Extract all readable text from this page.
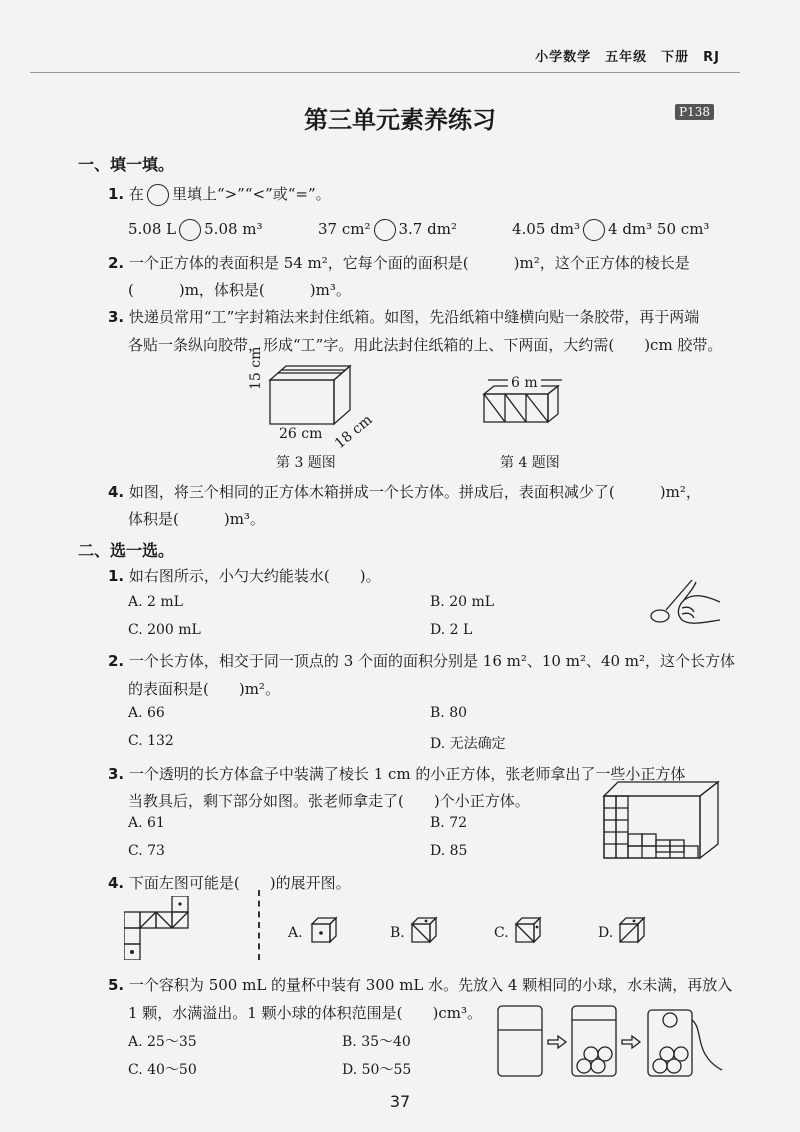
小学数学　五年级　下册　RJ
第三单元素养练习	P138
一、填一填。
1. 在 里填上“>”“<”或“=”。
5.08 L 5.08 m³	37 cm² 3.7 dm²	4.05 dm³ 4 dm³ 50 cm³
2. 一个正方体的表面积是 54 m²，它每个面的面积是(　　　)m²，这个正方体的棱长是
(　　　)m，体积是(　　　)m³。
3. 快递员常用“工”字封箱法来封住纸箱。如图，先沿纸箱中缝横向贴一条胶带，再于两端
各贴一条纵向胶带，形成“工”字。用此法封住纸箱的上、下两面，大约需(　　)cm 胶带。
15 cm
26 cm 18 cm
第 3 题图
6 m
第 4 题图
4. 如图，将三个相同的正方体木箱拼成一个长方体。拼成后，表面积减少了(　　　)m²，
体积是(　　　)m³。
二、选一选。
1. 如右图所示，小勺大约能装水(　　)。
A. 2 mL	B. 20 mL
C. 200 mL	D. 2 L
2. 一个长方体，相交于同一顶点的 3 个面的面积分别是 16 m²、10 m²、40 m²，这个长方体
的表面积是(　　)m²。
A. 66	B. 80
C. 132	D. 无法确定
3. 一个透明的长方体盒子中装满了棱长 1 cm 的小正方体，张老师拿出了一些小正方体
当教具后，剩下部分如图。张老师拿走了(　　)个小正方体。
A. 61	B. 72
C. 73	D. 85
4. 下面左图可能是(　　)的展开图。
A.	B.	C.	D.
5. 一个容积为 500 mL 的量杯中装有 300 mL 水。先放入 4 颗相同的小球，水未满，再放入
1 颗，水满溢出。1 颗小球的体积范围是(　　)cm³。
A. 25～35	B. 35～40
C. 40～50	D. 50～55
37
